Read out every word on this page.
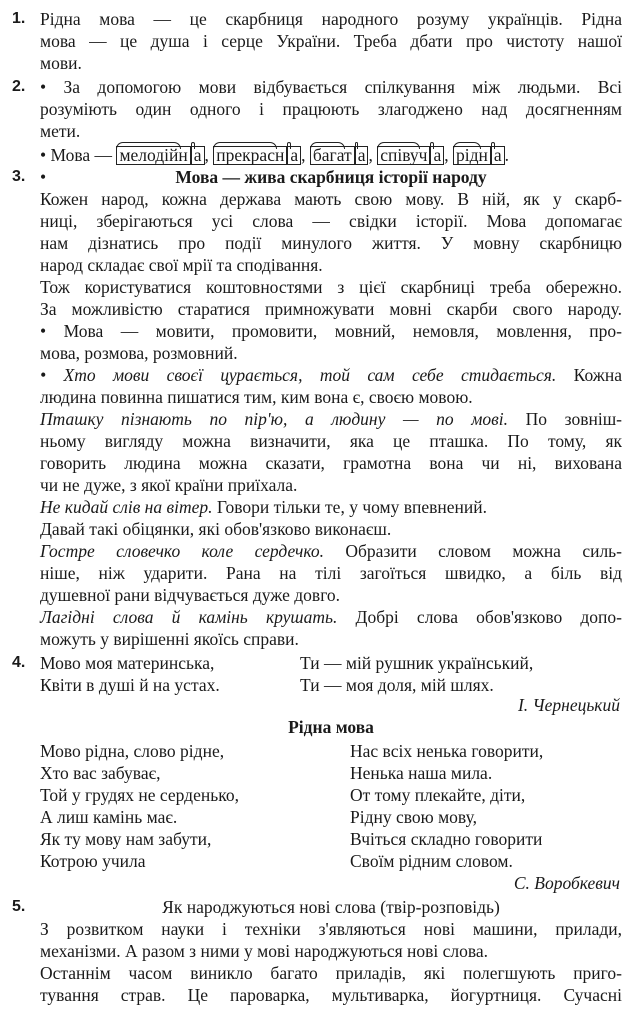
1. Рідна мова — це скарбниця народного розуму українців. Рідна
мова — це душа і серце України. Треба дбати про чистоту нашої
мови.
2. • За допомогою мови відбувається спілкування між людьми. Всі
розуміють один одного і працюють злагоджено над досягненням
мети.
• Мова — мелодійн а , прекрасн а , багат а , співуч а , рідн а .
3. •	Мова — жива скарбниця історії народу
Кожен народ, кожна держава мають свою мову. В ній, як у скарб-
ниці, зберігаються усі слова — свідки історії. Мова допомагає
нам дізнатись про події минулого життя. У мовну скарбницю
народ складає свої мрії та сподівання.
Тож користуватися коштовностями з цієї скарбниці треба обережно.
За можливістю старатися примножувати мовні скарби свого народу.
• Мова — мовити, промовити, мовний, немовля, мовлення, про-
мова, розмова, розмовний.
• Хто мови своєї цурається, той сам себе стидається. Кожна
людина повинна пишатися тим, ким вона є, своєю мовою.
Пташку пізнають по пір'ю, а людину — по мові. По зовніш-
ньому вигляду можна визначити, яка це пташка. По тому, як
говорить людина можна сказати, грамотна вона чи ні, вихована
чи не дуже, з якої країни приїхала.
Не кидай слів на вітер. Говори тільки те, у чому впевнений.
Давай такі обіцянки, які обов'язково виконаєш.
Гостре словечко коле сердечко. Образити словом можна силь-
ніше, ніж ударити. Рана на тілі загоїться швидко, а біль від
душевної рани відчувається дуже довго.
Лагідні слова й камінь крушать. Добрі слова обов'язково допо-
можуть у вирішенні якоїсь справи.
4. Мово моя материнська,
Квіти в душі й на устах.
Ти — мій рушник український,
Ти — моя доля, мій шлях.
І. Чернецький
Рідна мова
Мово рідна, слово рідне,
Хто вас забуває,
Той у грудях не серденько,
А лиш камінь має.
Як ту мову нам забути,
Котрою учила
Нас всіх ненька говорити,
Ненька наша мила.
От тому плекайте, діти,
Рідну свою мову,
Вчіться складно говорити
Своїм рідним словом.
С. Воробкевич
5.	Як народжуються нові слова (твір-розповідь)
З розвитком науки і техніки з'являються нові машини, прилади,
механізми. А разом з ними у мові народжуються нові слова.
Останнім часом виникло багато приладів, які полегшують приго-
тування страв. Це пароварка, мультиварка, йогуртниця. Сучасні
